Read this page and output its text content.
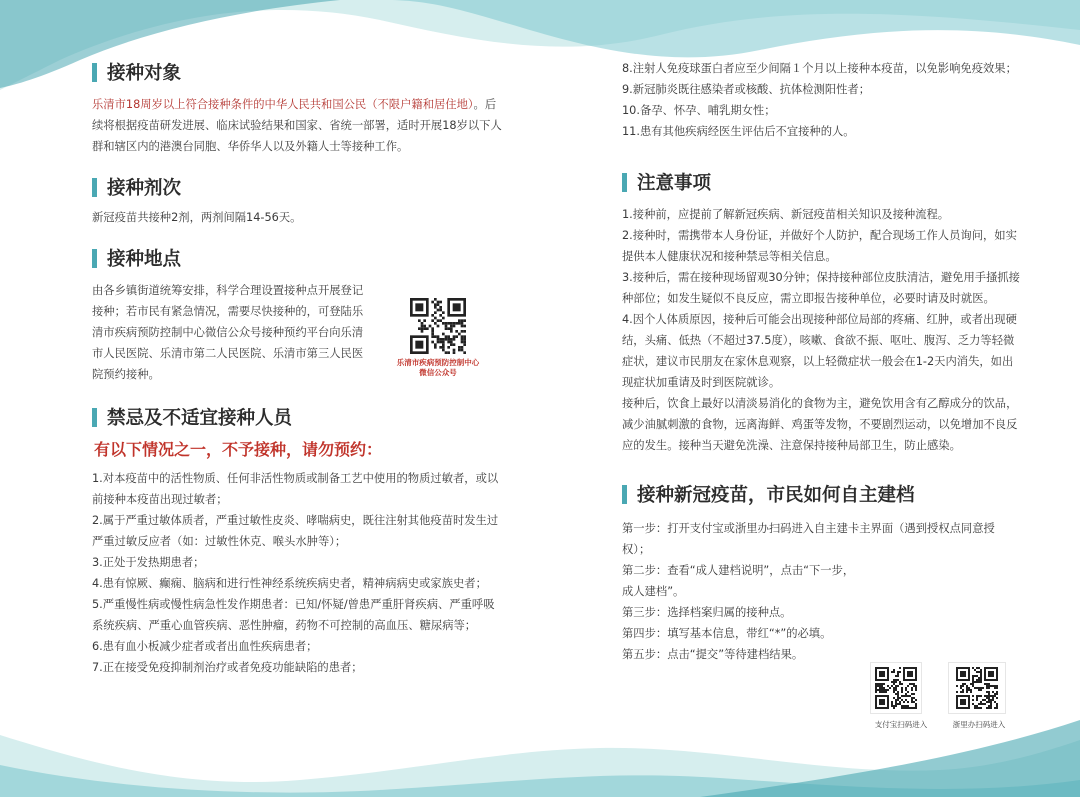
接种对象

乐清市18周岁以上符合接种条件的中华人民共和国公民（不限户籍和居住地）。后续将根据疫苗研发进展、临床试验结果和国家、省统一部署，适时开展18岁以下人群和辖区内的港澳台同胞、华侨华人以及外籍人士等接种工作。

接种剂次

新冠疫苗共接种2剂，两剂间隔14-56天。

接种地点

由各乡镇街道统筹安排，科学合理设置接种点开展登记接种；若市民有紧急情况，需要尽快接种的，可登陆乐清市疾病预防控制中心微信公众号接种预约平台向乐清市人民医院、乐清市第二人民医院、乐清市第三人民医院预约接种。

禁忌及不适宜接种人员
有以下情况之一，不予接种，请勿预约：

1.对本疫苗中的活性物质、任何非活性物质或制备工艺中使用的物质过敏者，或以前接种本疫苗出现过敏者；

2.属于严重过敏体质者，严重过敏性皮炎、哮喘病史，既往注射其他疫苗时发生过严重过敏反应者（如：过敏性休克、喉头水肿等）；

3.正处于发热期患者；

4.患有惊厥、癫痫、脑病和进行性神经系统疾病史者，精神病病史或家族史者；

5.严重慢性病或慢性病急性发作期患者：已知/怀疑/曾患严重肝肾疾病、严重呼吸系统疾病、严重心血管疾病、恶性肿瘤，药物不可控制的高血压、糖尿病等；

6.患有血小板减少症者或者出血性疾病患者；

7.正在接受免疫抑制剂治疗或者免疫功能缺陷的患者；

乐清市疾病预防控制中心
微信公众号

8.注射人免疫球蛋白者应至少间隔１个月以上接种本疫苗，以免影响免疫效果；

9.新冠肺炎既往感染者或核酸、抗体检测阳性者；

10.备孕、怀孕、哺乳期女性；

11.患有其他疾病经医生评估后不宜接种的人。

注意事项

1.接种前，应提前了解新冠疾病、新冠疫苗相关知识及接种流程。

2.接种时，需携带本人身份证，并做好个人防护，配合现场工作人员询问，如实提供本人健康状况和接种禁忌等相关信息。

3.接种后，需在接种现场留观30分钟；保持接种部位皮肤清洁，避免用手搔抓接种部位；如发生疑似不良反应，需立即报告接种单位，必要时请及时就医。

4.因个人体质原因，接种后可能会出现接种部位局部的疼痛、红肿，或者出现硬结，头痛、低热（不超过37.5度），咳嗽、食欲不振、呕吐、腹泻、乏力等轻微症状，建议市民朋友在家休息观察，以上轻微症状一般会在1-2天内消失，如出现症状加重请及时到医院就诊。

接种后，饮食上最好以清淡易消化的食物为主，避免饮用含有乙醇成分的饮品，减少油腻刺激的食物，远离海鲜、鸡蛋等发物，不要剧烈运动，以免增加不良反应的发生。接种当天避免洗澡、注意保持接种局部卫生，防止感染。

接种新冠疫苗，市民如何自主建档

第一步：打开支付宝或浙里办扫码进入自主建卡主界面（遇到授权点同意授权）；

第二步：查看“成人建档说明”，点击“下一步，成人建档”。

第三步：选择档案归属的接种点。

第四步：填写基本信息，带红“*”的必填。

第五步：点击“提交”等待建档结果。

支付宝扫码进入	浙里办扫码进入
